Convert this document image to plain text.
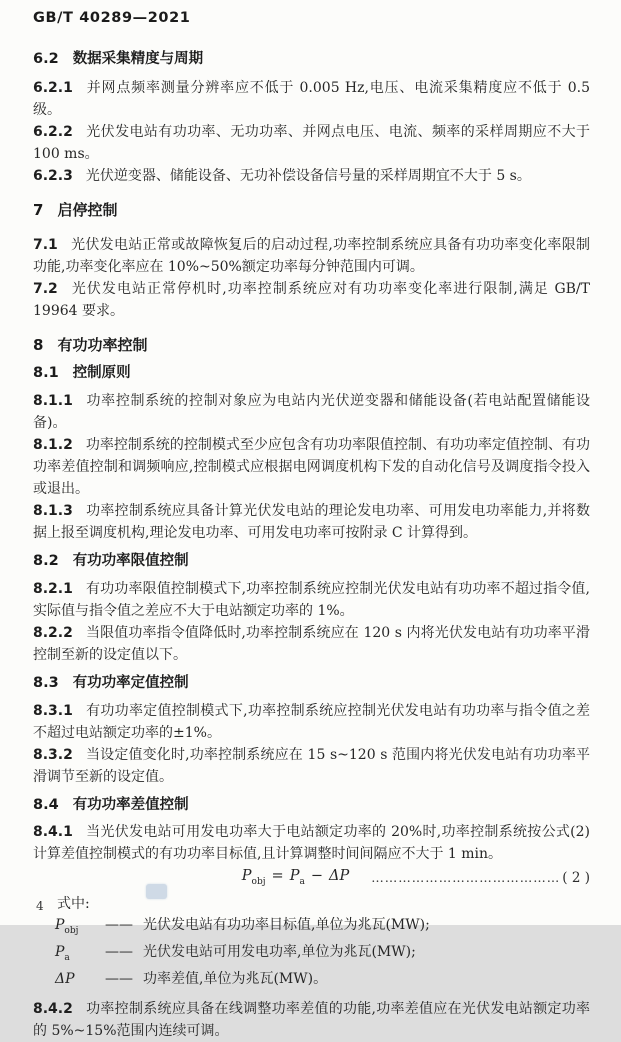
GB/T 40289—2021
6.2 数据采集精度与周期

6.2.1 并网点频率测量分辨率应不低于 0.005 Hz,电压、电流采集精度应不低于 0.5 级。

6.2.2 光伏发电站有功功率、无功功率、并网点电压、电流、频率的采样周期应不大于 100 ms。

6.2.3 光伏逆变器、储能设备、无功补偿设备信号量的采样周期宜不大于 5 s。

7 启停控制

7.1 光伏发电站正常或故障恢复后的启动过程,功率控制系统应具备有功功率变化率限制功能,功率变化率应在 10%~50%额定功率每分钟范围内可调。

7.2 光伏发电站正常停机时,功率控制系统应对有功功率变化率进行限制,满足 GB/T 19964 要求。

8 有功功率控制
8.1 控制原则

8.1.1 功率控制系统的控制对象应为电站内光伏逆变器和储能设备(若电站配置储能设备)。

8.1.2 功率控制系统的控制模式至少应包含有功功率限值控制、有功功率定值控制、有功功率差值控制和调频响应,控制模式应根据电网调度机构下发的自动化信号及调度指令投入或退出。

8.1.3 功率控制系统应具备计算光伏发电站的理论发电功率、可用发电功率能力,并将数据上报至调度机构,理论发电功率、可用发电功率可按附录 C 计算得到。

8.2 有功功率限值控制

8.2.1 有功功率限值控制模式下,功率控制系统应控制光伏发电站有功功率不超过指令值,实际值与指令值之差应不大于电站额定功率的 1%。

8.2.2 当限值功率指令值降低时,功率控制系统应在 120 s 内将光伏发电站有功功率平滑控制至新的设定值以下。

8.3 有功功率定值控制

8.3.1 有功功率定值控制模式下,功率控制系统应控制光伏发电站有功功率与指令值之差不超过电站额定功率的±1%。

8.3.2 当设定值变化时,功率控制系统应在 15 s~120 s 范围内将光伏发电站有功功率平滑调节至新的设定值。

8.4 有功功率差值控制

8.4.1 当光伏发电站可用发电功率大于电站额定功率的 20%时,功率控制系统按公式(2)计算差值控制模式的有功功率目标值,且计算调整时间间隔应不大于 1 min。

$P_{obj} = P_a - \Delta P$	…………………………………… ( 2 )
式中:
$P_{obj}$	—— 光伏发电站有功功率目标值,单位为兆瓦(MW);
$P_a$	—— 光伏发电站可用发电功率,单位为兆瓦(MW);
ΔP	—— 功率差值,单位为兆瓦(MW)。

8.4.2 功率控制系统应具备在线调整功率差值的功能,功率差值应在光伏发电站额定功率的 5%~15%范围内连续可调。

4
